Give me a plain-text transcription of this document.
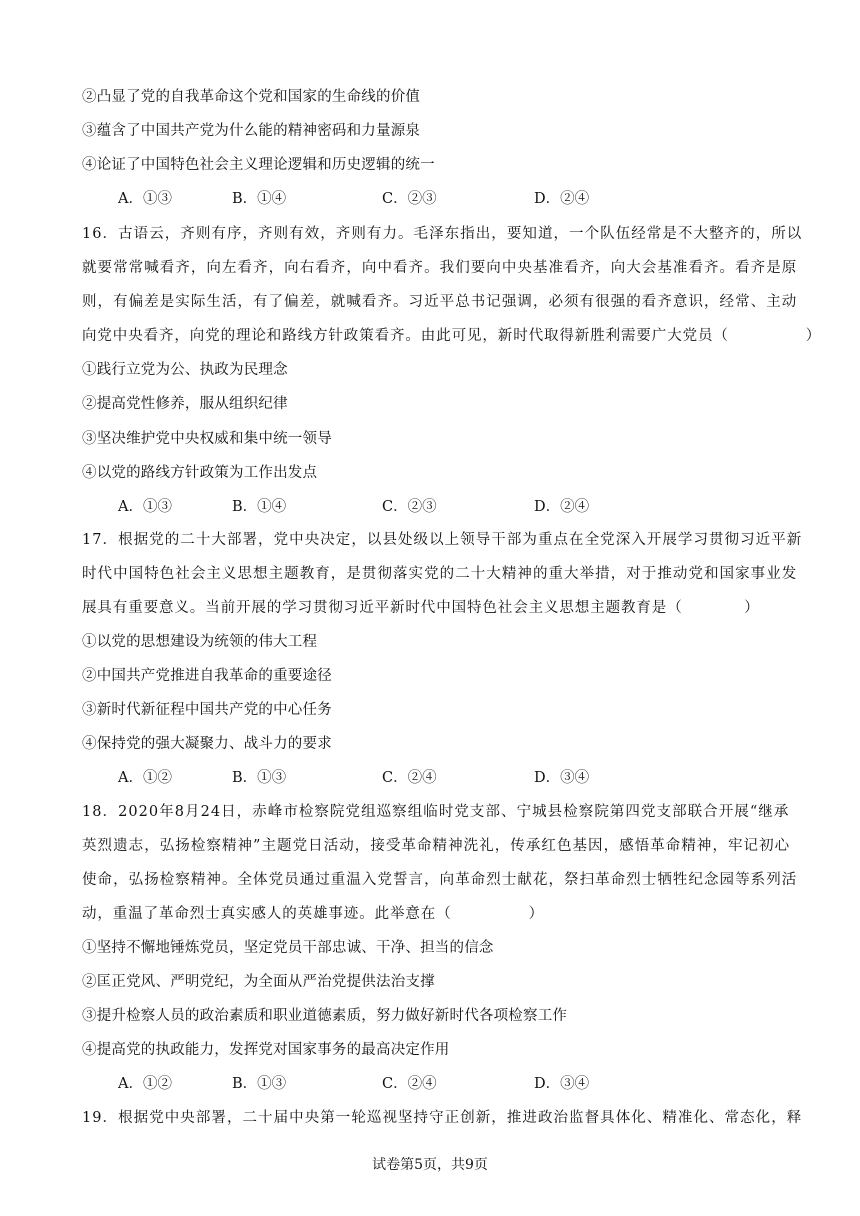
②凸显了党的自我革命这个党和国家的生命线的价值
③蕴含了中国共产党为什么能的精神密码和力量源泉
④论证了中国特色社会主义理论逻辑和历史逻辑的统一
A．①③	B．①④	C．②③	D．②④
16．古语云，齐则有序，齐则有效，齐则有力。毛泽东指出，要知道，一个队伍经常是不大整齐的，所以
就要常常喊看齐，向左看齐，向右看齐，向中看齐。我们要向中央基准看齐，向大会基准看齐。看齐是原
则，有偏差是实际生活，有了偏差，就喊看齐。习近平总书记强调，必须有很强的看齐意识，经常、主动
向党中央看齐，向党的理论和路线方针政策看齐。由此可见，新时代取得新胜利需要广大党员（　　　　　）
①践行立党为公、执政为民理念
②提高党性修养，服从组织纪律
③坚决维护党中央权威和集中统一领导
④以党的路线方针政策为工作出发点
A．①③	B．①④	C．②③	D．②④
17．根据党的二十大部署，党中央决定，以县处级以上领导干部为重点在全党深入开展学习贯彻习近平新
时代中国特色社会主义思想主题教育，是贯彻落实党的二十大精神的重大举措，对于推动党和国家事业发
展具有重要意义。当前开展的学习贯彻习近平新时代中国特色社会主义思想主题教育是（　　　　）
①以党的思想建设为统领的伟大工程
②中国共产党推进自我革命的重要途径
③新时代新征程中国共产党的中心任务
④保持党的强大凝聚力、战斗力的要求
A．①②	B．①③	C．②④	D．③④
18．2020年8月24日，赤峰市检察院党组巡察组临时党支部、宁城县检察院第四党支部联合开展“继承
英烈遗志，弘扬检察精神”主题党日活动，接受革命精神洗礼，传承红色基因，感悟革命精神，牢记初心
使命，弘扬检察精神。全体党员通过重温入党誓言，向革命烈士献花，祭扫革命烈士牺牲纪念园等系列活
动，重温了革命烈士真实感人的英雄事迹。此举意在（　　　　　）
①坚持不懈地锤炼党员，坚定党员干部忠诚、干净、担当的信念
②匡正党风、严明党纪，为全面从严治党提供法治支撑
③提升检察人员的政治素质和职业道德素质，努力做好新时代各项检察工作
④提高党的执政能力，发挥党对国家事务的最高决定作用
A．①②	B．①③	C．②④	D．③④
19．根据党中央部署，二十届中央第一轮巡视坚持守正创新，推进政治监督具体化、精准化、常态化，释
试卷第5页，共9页
